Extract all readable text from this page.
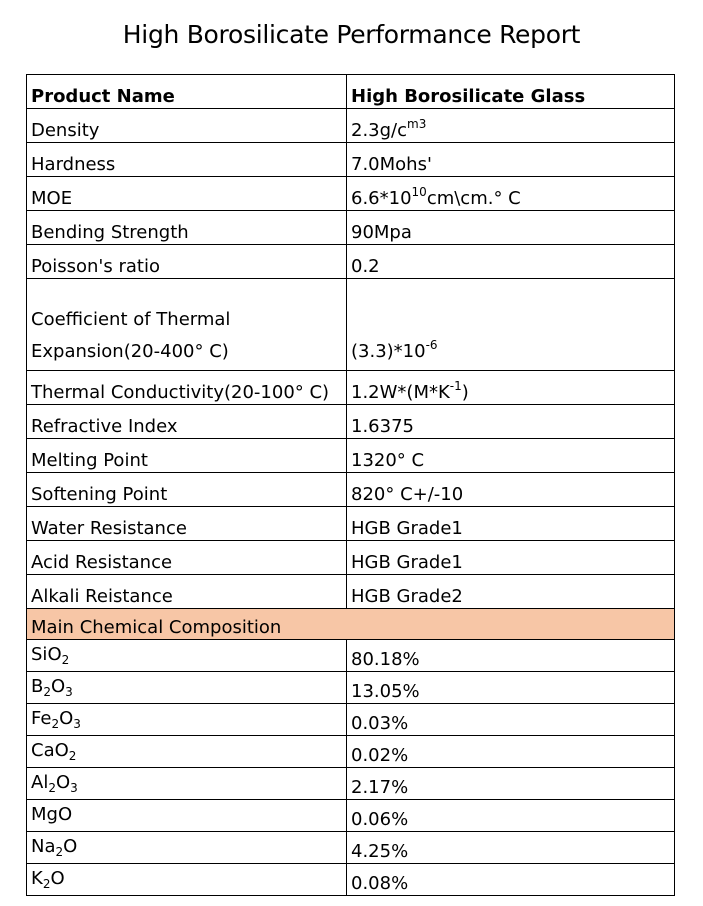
High Borosilicate Performance Report
Product Name	High Borosilicate Glass
Density	$2.3g/c^{m3}$
Hardness	7.0Mohs'
MOE	$6.6*10^{10}cm\backslash cm.^\circ$ C
Bending Strength	90Mpa
Poisson's ratio	0.2
Coefficient of Thermal Expansion(20-400° C)	$(3.3)*10^{-6}$
Thermal Conductivity(20-100° C)	$1.2W*(M*K^{-1})$
Refractive Index	1.6375
Melting Point	1320° C
Softening Point	820° C+/-10
Water Resistance	HGB Grade1
Acid Resistance	HGB Grade1
Alkali Reistance	HGB Grade2
Main Chemical Composition	
SiO$_2$	80.18%
$B_2O_3$	13.05%
$Fe_2O_3$	0.03%
CaO$_2$	0.02%
$Al_2O_3$	2.17%
MgO	0.06%
$Na_2O$	4.25%
$K_2O$	0.08%
